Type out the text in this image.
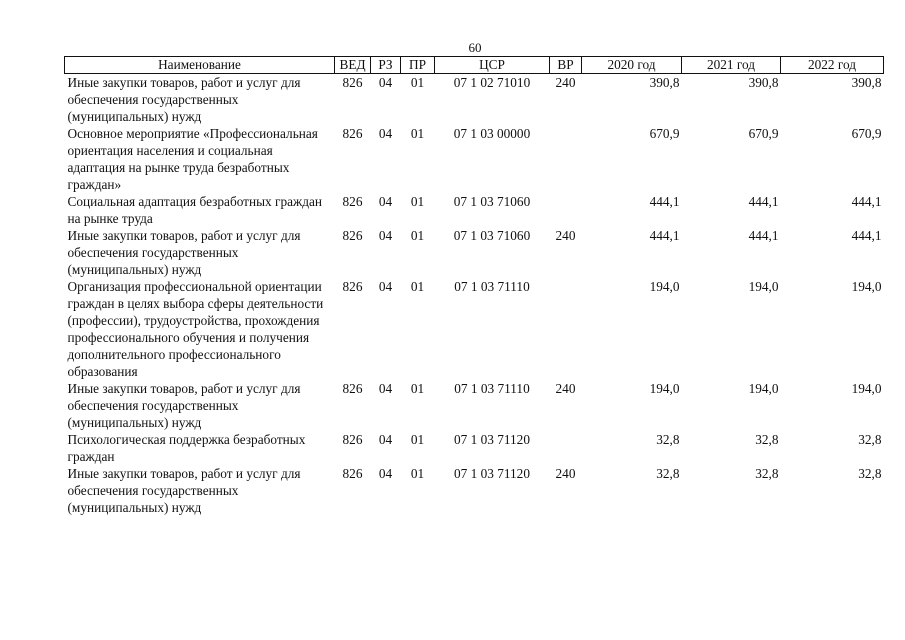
60
Наименование	ВЕД	РЗ	ПР	ЦСР	ВР	2020 год	2021 год	2022 год
Иные закупки товаров, работ и услуг для обеспечения государственных (муниципальных) нужд	826	04	01	07 1 02 71010	240	390,8	390,8	390,8
Основное мероприятие «Профессиональная ориентация населения и социальная адаптация на рынке труда безработных граждан»	826	04	01	07 1 03 00000		670,9	670,9	670,9
Социальная адаптация безработных граждан на рынке труда	826	04	01	07 1 03 71060		444,1	444,1	444,1
Иные закупки товаров, работ и услуг для обеспечения государственных (муниципальных) нужд	826	04	01	07 1 03 71060	240	444,1	444,1	444,1
Организация профессиональной ориентации граждан в целях выбора сферы деятельности (профессии), трудоустройства, прохождения профессионального обучения и получения дополнительного профессионального образования	826	04	01	07 1 03 71110		194,0	194,0	194,0
Иные закупки товаров, работ и услуг для обеспечения государственных (муниципальных) нужд	826	04	01	07 1 03 71110	240	194,0	194,0	194,0
Психологическая поддержка безработных граждан	826	04	01	07 1 03 71120		32,8	32,8	32,8
Иные закупки товаров, работ и услуг для обеспечения государственных (муниципальных) нужд	826	04	01	07 1 03 71120	240	32,8	32,8	32,8
